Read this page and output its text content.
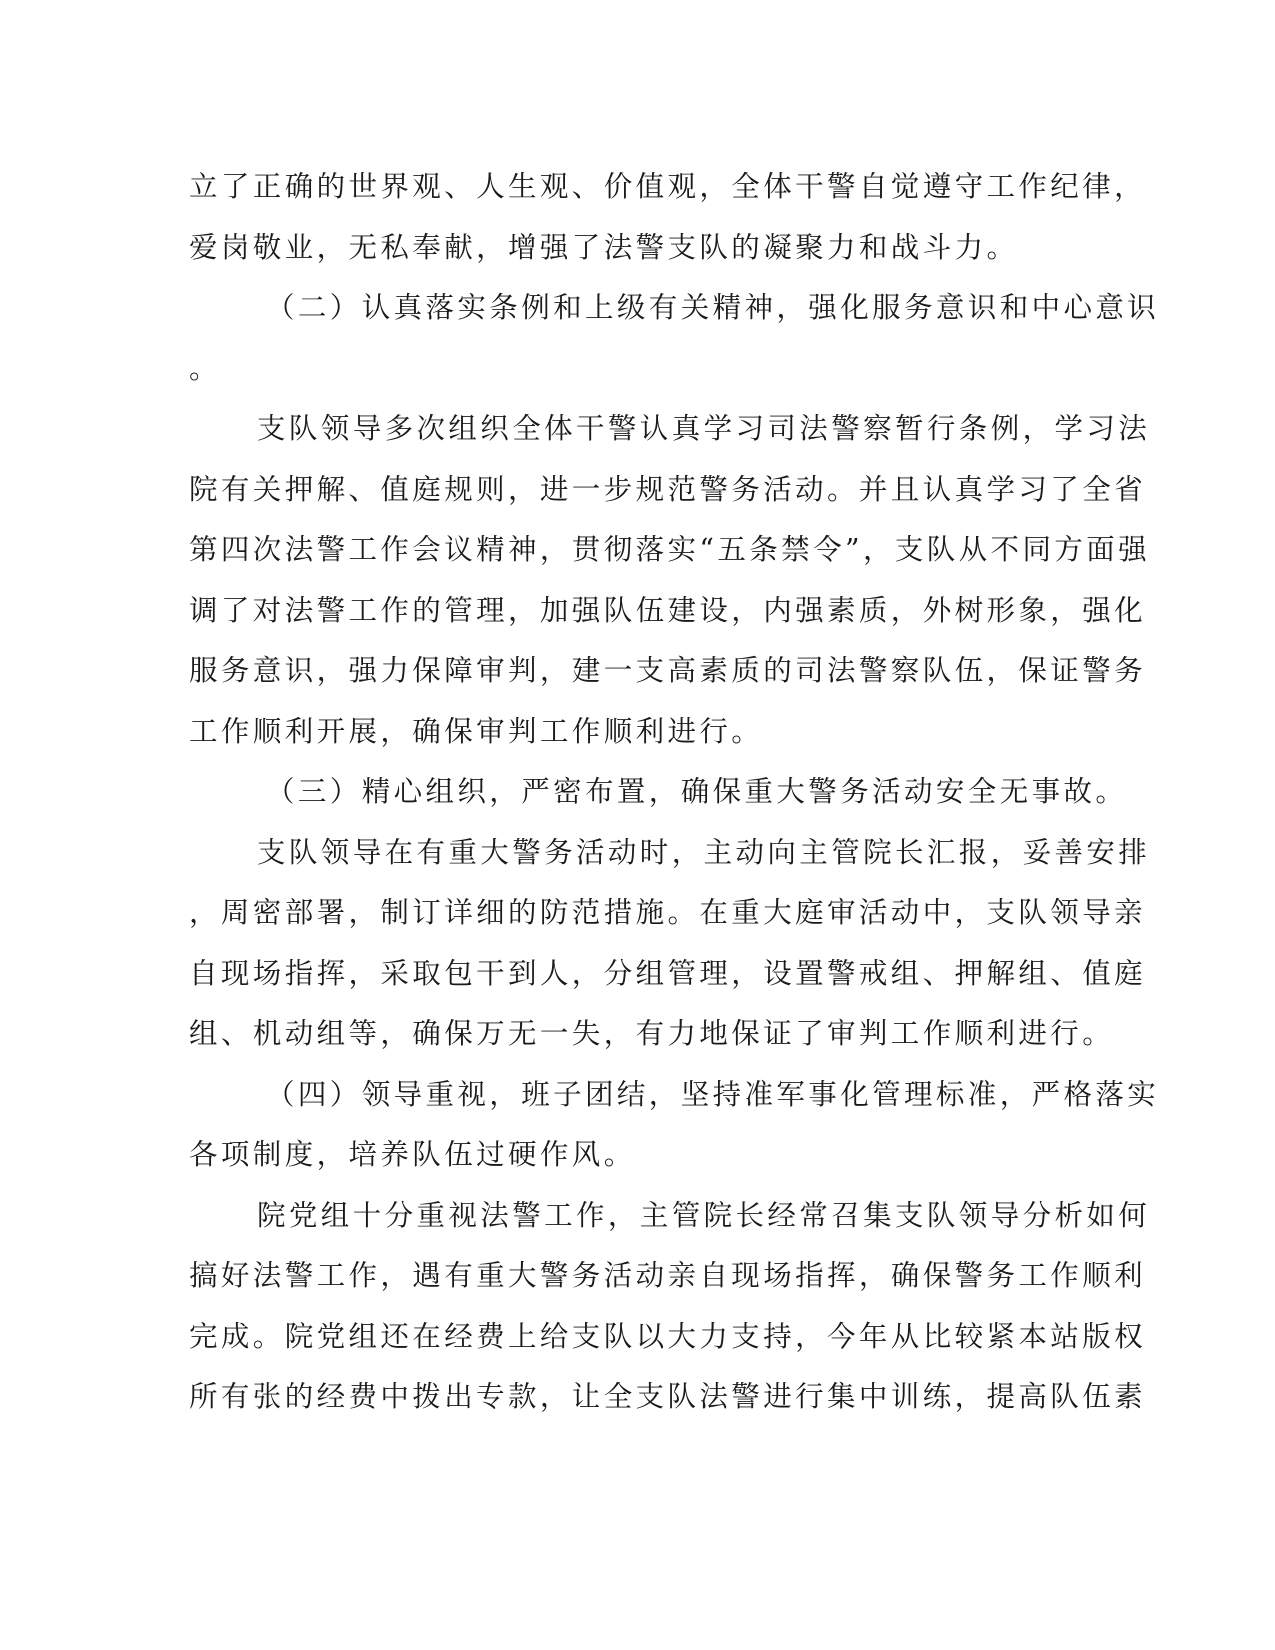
立了正确的世界观、人生观、价值观，全体干警自觉遵守工作纪律，
爱岗敬业，无私奉献，增强了法警支队的凝聚力和战斗力。
（二）认真落实条例和上级有关精神，强化服务意识和中心意识
。
支队领导多次组织全体干警认真学习司法警察暂行条例，学习法
院有关押解、值庭规则，进一步规范警务活动。并且认真学习了全省
第四次法警工作会议精神，贯彻落实“五条禁令”，支队从不同方面强
调了对法警工作的管理，加强队伍建设，内强素质，外树形象，强化
服务意识，强力保障审判，建一支高素质的司法警察队伍，保证警务
工作顺利开展，确保审判工作顺利进行。
（三）精心组织，严密布置，确保重大警务活动安全无事故。
支队领导在有重大警务活动时，主动向主管院长汇报，妥善安排
，周密部署，制订详细的防范措施。在重大庭审活动中，支队领导亲
自现场指挥，采取包干到人，分组管理，设置警戒组、押解组、值庭
组、机动组等，确保万无一失，有力地保证了审判工作顺利进行。
（四）领导重视，班子团结，坚持准军事化管理标准，严格落实
各项制度，培养队伍过硬作风。
院党组十分重视法警工作，主管院长经常召集支队领导分析如何
搞好法警工作，遇有重大警务活动亲自现场指挥，确保警务工作顺利
完成。院党组还在经费上给支队以大力支持，今年从比较紧本站版权
所有张的经费中拨出专款，让全支队法警进行集中训练，提高队伍素
